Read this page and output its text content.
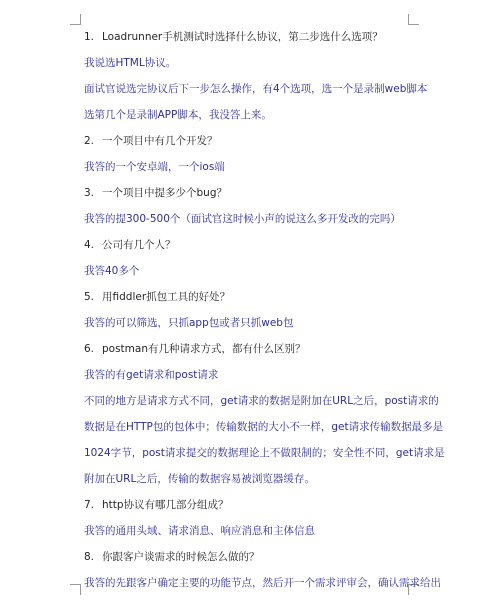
1. Loadrunner手机测试时选择什么协议，第二步选什么选项？

我说选HTML协议。

面试官说选完协议后下一步怎么操作，有4个选项，选一个是录制web脚本

选第几个是录制APP脚本，我没答上来。

2. 一个项目中有几个开发？

我答的一个安卓端，一个ios端

3. 一个项目中提多少个bug？

我答的提300-500个（面试官这时候小声的说这么多开发改的完吗）

4. 公司有几个人？

我答40多个

5. 用fiddler抓包工具的好处？

我答的可以筛选，只抓app包或者只抓web包

6. postman有几种请求方式，都有什么区别？

我答的有get请求和post请求

不同的地方是请求方式不同，get请求的数据是附加在URL之后，post请求的

数据是在HTTP包的包体中；传输数据的大小不一样，get请求传输数据最多是

1024字节，post请求提交的数据理论上不做限制的；安全性不同，get请求是

附加在URL之后，传输的数据容易被浏览器缓存。

7. http协议有哪几部分组成？

我答的通用头域、请求消息、响应消息和主体信息

8. 你跟客户谈需求的时候怎么做的？

我答的先跟客户确定主要的功能节点，然后开一个需求评审会，确认需求给出
